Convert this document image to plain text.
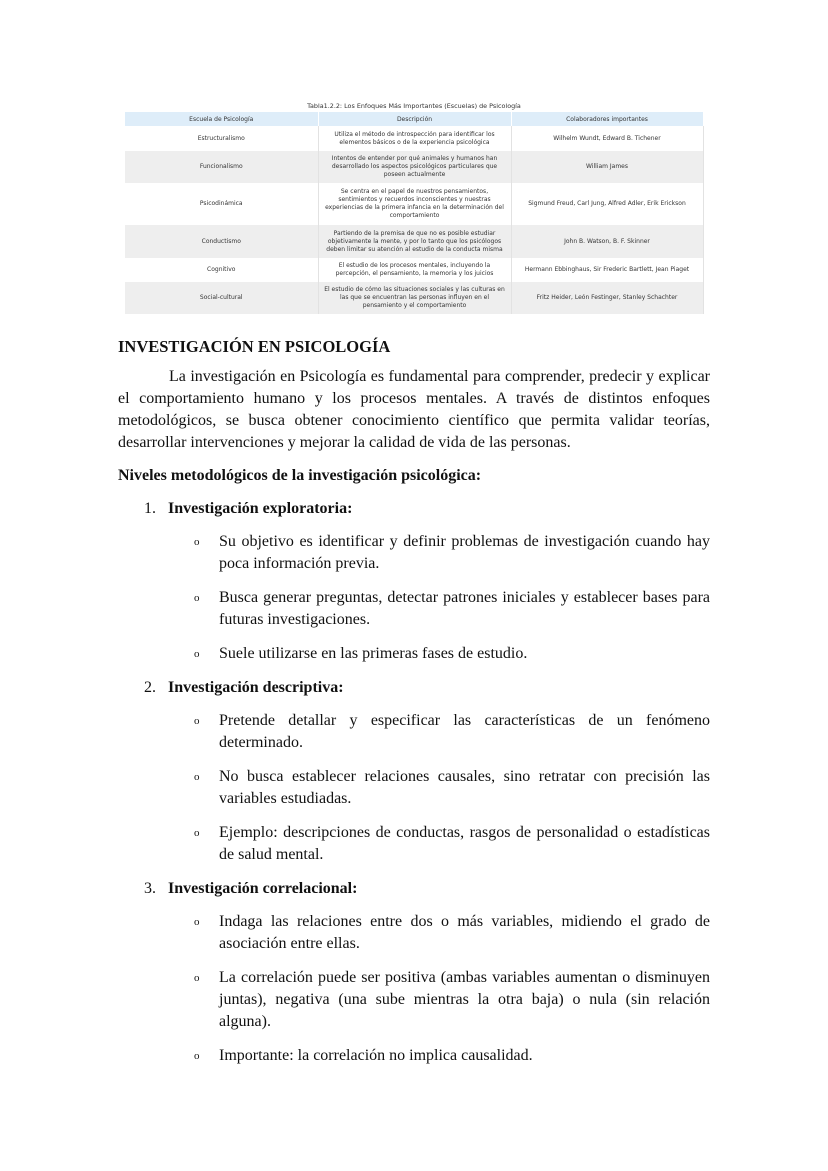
Tabla1.2.2: Los Enfoques Más Importantes (Escuelas) de Psicología
Escuela de Psicología	Descripción	Colaboradores importantes
Estructuralismo	Utiliza el método de introspección para identificar los elementos básicos o de la experiencia psicológica	Wilhelm Wundt, Edward B. Tichener
Funcionalismo	Intentos de entender por qué animales y humanos han desarrollado los aspectos psicológicos particulares que poseen actualmente	William James
Psicodinámica	Se centra en el papel de nuestros pensamientos, sentimientos y recuerdos inconscientes y nuestras experiencias de la primera infancia en la determinación del comportamiento	Sigmund Freud, Carl Jung, Alfred Adler, Erik Erickson
Conductismo	Partiendo de la premisa de que no es posible estudiar objetivamente la mente, y por lo tanto que los psicólogos deben limitar su atención al estudio de la conducta misma	John B. Watson, B. F. Skinner
Cognitivo	El estudio de los procesos mentales, incluyendo la percepción, el pensamiento, la memoria y los juicios	Hermann Ebbinghaus, Sir Frederic Bartlett, Jean Piaget
Social-cultural	El estudio de cómo las situaciones sociales y las culturas en las que se encuentran las personas influyen en el pensamiento y el comportamiento	Fritz Heider, León Festinger, Stanley Schachter
INVESTIGACIÓN EN PSICOLOGÍA

La investigación en Psicología es fundamental para comprender, predecir y explicar el comportamiento humano y los procesos mentales. A través de distintos enfoques metodológicos, se busca obtener conocimiento científico que permita validar teorías, desarrollar intervenciones y mejorar la calidad de vida de las personas.

Niveles metodológicos de la investigación psicológica:
1. Investigación exploratoria:
o Su objetivo es identificar y definir problemas de investigación cuando hay poca información previa.
o Busca generar preguntas, detectar patrones iniciales y establecer bases para futuras investigaciones.
o Suele utilizarse en las primeras fases de estudio.
2. Investigación descriptiva:
o Pretende detallar y especificar las características de un fenómeno determinado.
o No busca establecer relaciones causales, sino retratar con precisión las variables estudiadas.
o Ejemplo: descripciones de conductas, rasgos de personalidad o estadísticas de salud mental.
3. Investigación correlacional:
o Indaga las relaciones entre dos o más variables, midiendo el grado de asociación entre ellas.
o La correlación puede ser positiva (ambas variables aumentan o disminuyen juntas), negativa (una sube mientras la otra baja) o nula (sin relación alguna).
o Importante: la correlación no implica causalidad.
